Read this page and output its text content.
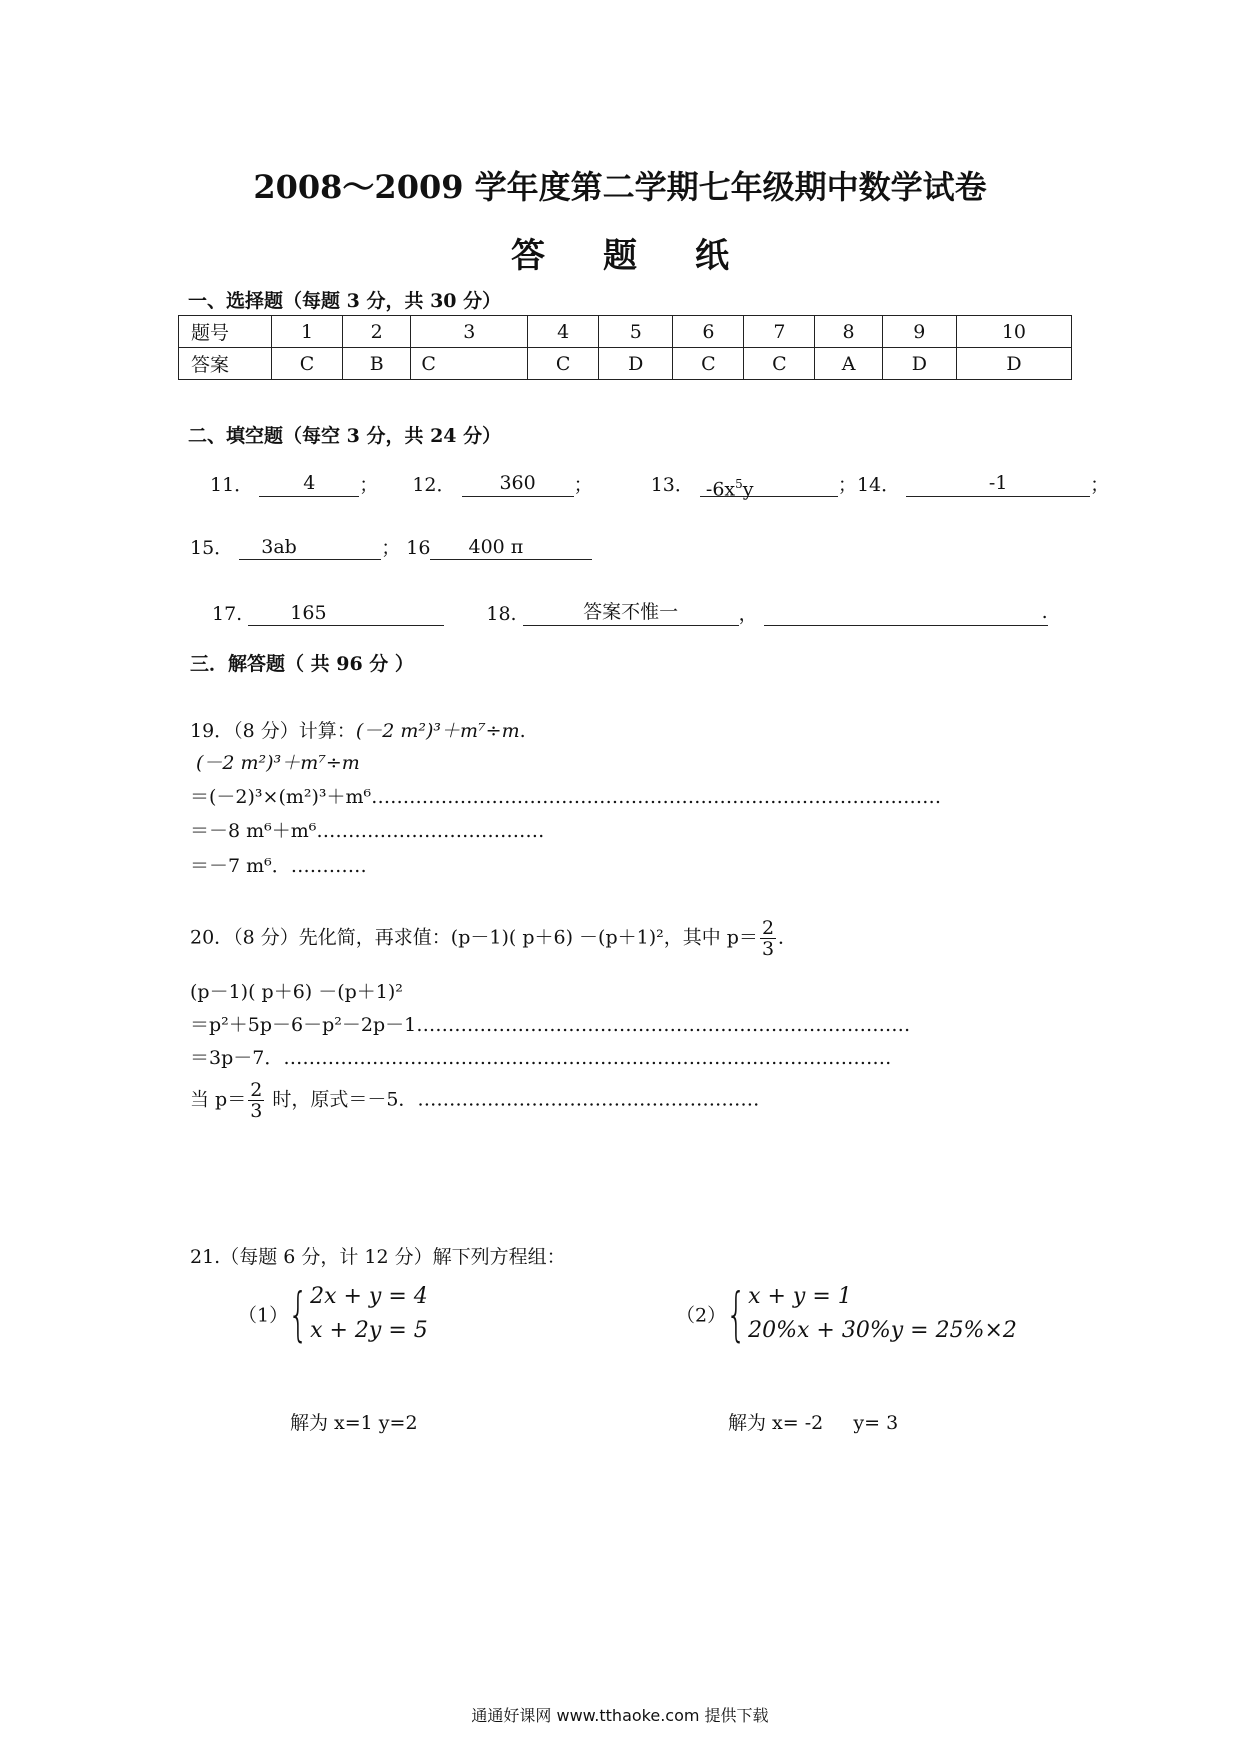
2008～2009 学年度第二学期七年级期中数学试卷
答题纸
一、选择题（每题 3 分，共 30 分）
题号	1	2	3	4	5	6	7	8	9	10
答案	C	B	C	C	D	C	C	A	D	D
二、填空题（每空 3 分，共 24 分）
11．	4 ； 12． 360 ；	13． $-6x^5y$	；14．	-1	；
15． 3ab	； 16 400 π
17.	165	18.	答案不惟一	，	.
三．解答题（ 共 96 分 ）
19．（8 分）计算：(－2 m²)³＋m⁷÷m.
(－2 m²)³＋m⁷÷m
＝(－2)³×(m²)³＋m⁶………………………………………………………………………………
＝－8 m⁶＋m⁶………………………………
＝－7 m⁶．…………
20．（8 分）先化简，再求值：(p－1)( p＋6) －(p＋1)²，其中 $p= \frac{2}{3}$ ．
(p－1)( p＋6) －(p＋1)²
＝p²＋5p－6－p²－2p－1……………………………………………………………………
＝3p－7．……………………………………………………………………………………
当 $p= \frac{2}{3}$ 时，原式＝－5．………………………………………………
21.（每题 6 分，计 12 分）解下列方程组：
（1）{ 2x + y = 4
x + 2y = 5
（2）{ x + y = 1
20%x + 30%y = 25%×2
解为 x=1 y=2	解为 x= -2     y= 3
通通好课网 www.tthaoke.com 提供下载
